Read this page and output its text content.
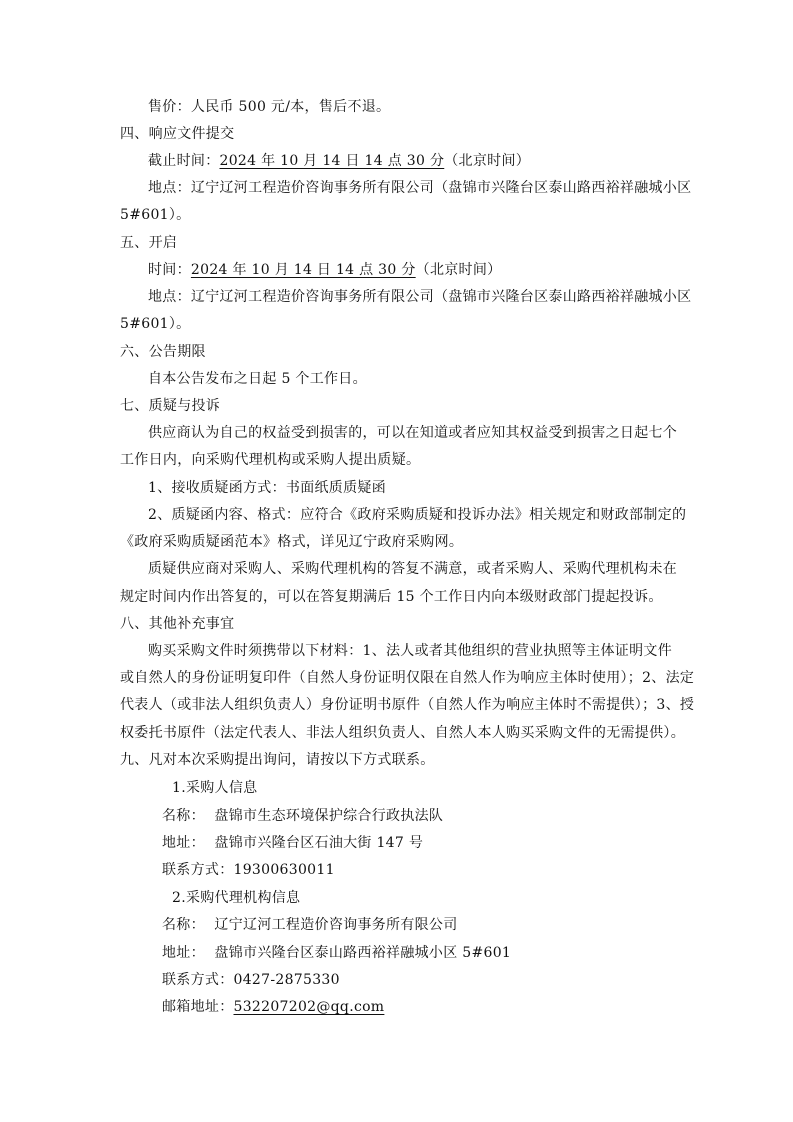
售价：人民币 500 元/本，售后不退。
四、响应文件提交
截止时间：2024 年 10 月 14 日 14 点 30 分（北京时间）
地点：辽宁辽河工程造价咨询事务所有限公司（盘锦市兴隆台区泰山路西裕祥融城小区
5#601）。
五、开启
时间：2024 年 10 月 14 日 14 点 30 分（北京时间）
地点：辽宁辽河工程造价咨询事务所有限公司（盘锦市兴隆台区泰山路西裕祥融城小区
5#601）。
六、公告期限
自本公告发布之日起 5 个工作日。
七、质疑与投诉
供应商认为自己的权益受到损害的，可以在知道或者应知其权益受到损害之日起七个
工作日内，向采购代理机构或采购人提出质疑。
1、接收质疑函方式：书面纸质质疑函
2、质疑函内容、格式：应符合《政府采购质疑和投诉办法》相关规定和财政部制定的
《政府采购质疑函范本》格式，详见辽宁政府采购网。
质疑供应商对采购人、采购代理机构的答复不满意，或者采购人、采购代理机构未在
规定时间内作出答复的，可以在答复期满后 15 个工作日内向本级财政部门提起投诉。
八、其他补充事宜
购买采购文件时须携带以下材料：1、法人或者其他组织的营业执照等主体证明文件
或自然人的身份证明复印件（自然人身份证明仅限在自然人作为响应主体时使用）；2、法定
代表人（或非法人组织负责人）身份证明书原件（自然人作为响应主体时不需提供）；3、授
权委托书原件（法定代表人、非法人组织负责人、自然人本人购买采购文件的无需提供）。
九、凡对本次采购提出询问，请按以下方式联系。
1.采购人信息
名称： 盘锦市生态环境保护综合行政执法队
地址： 盘锦市兴隆台区石油大街 147 号
联系方式：19300630011
2.采购代理机构信息
名称： 辽宁辽河工程造价咨询事务所有限公司
地址： 盘锦市兴隆台区泰山路西裕祥融城小区 5#601
联系方式：0427-2875330
邮箱地址：532207202@qq.com
